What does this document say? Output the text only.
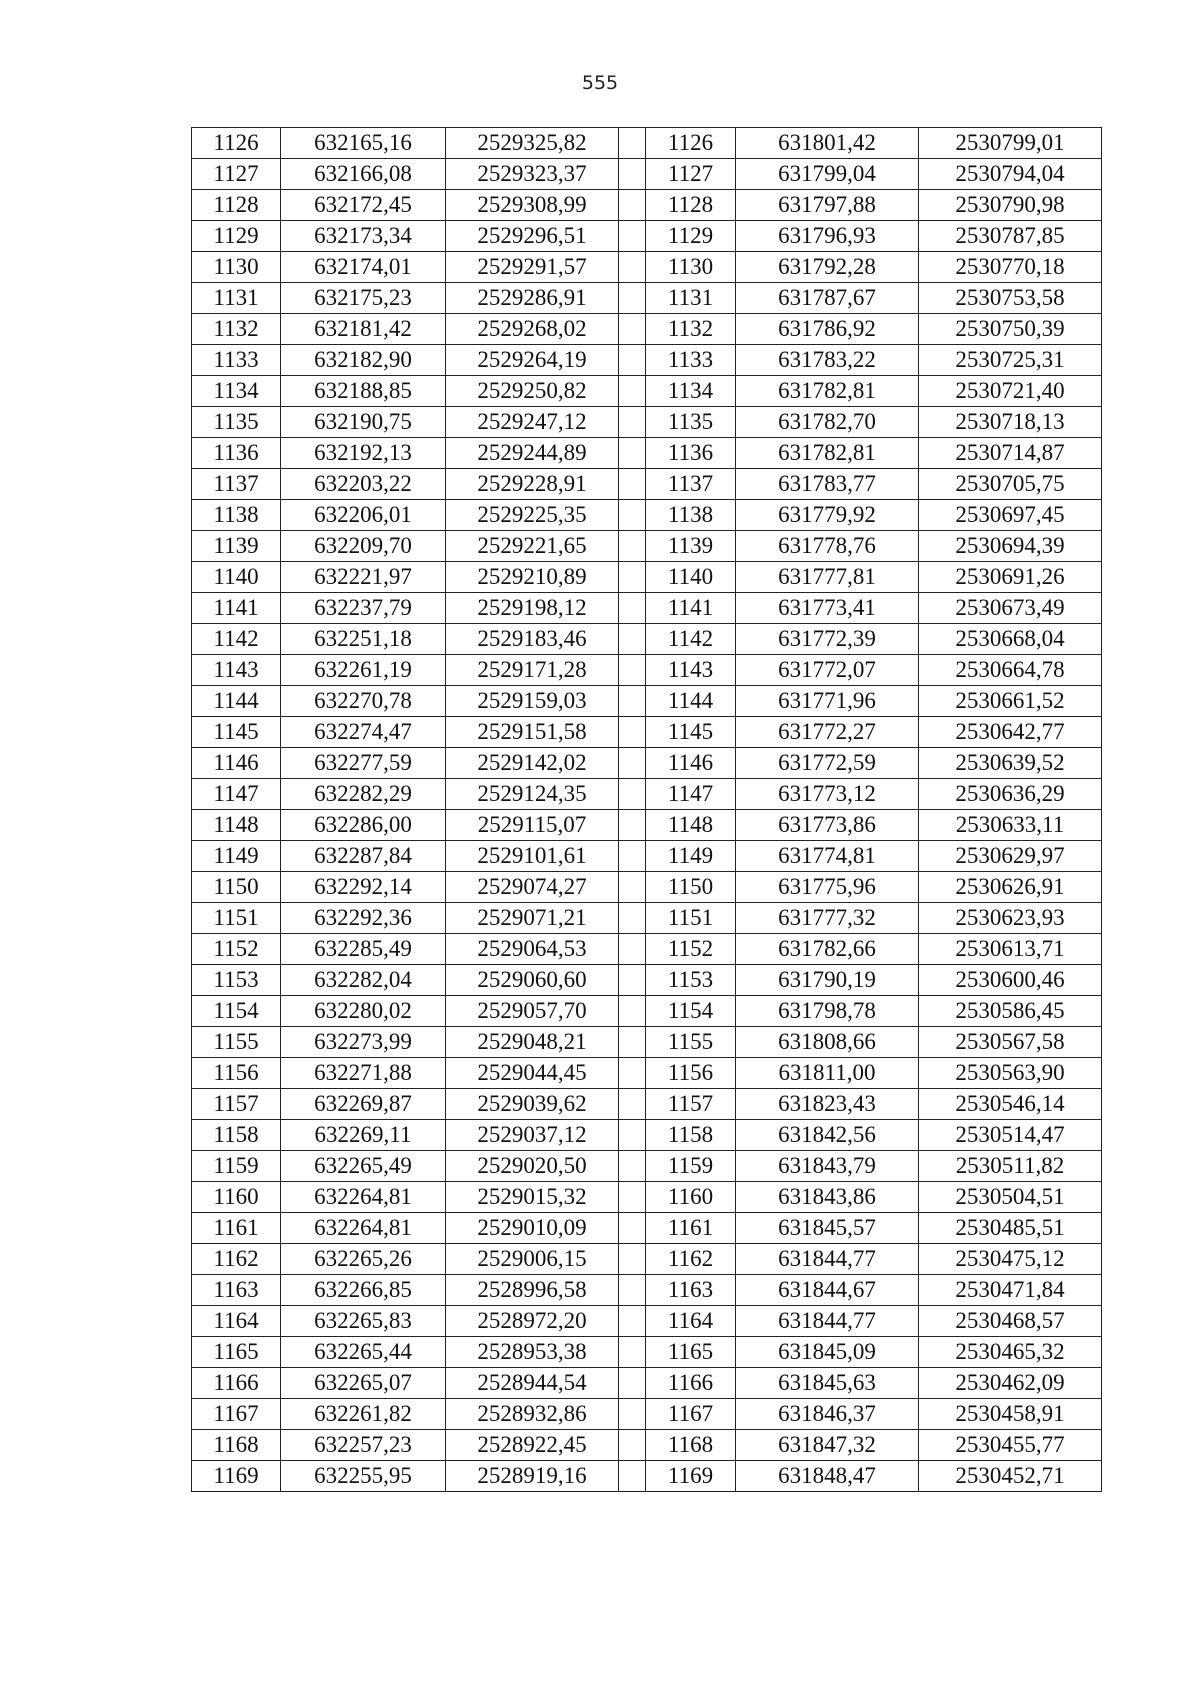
555
1126	632165,16	2529325,82		1126	631801,42	2530799,01
1127	632166,08	2529323,37		1127	631799,04	2530794,04
1128	632172,45	2529308,99		1128	631797,88	2530790,98
1129	632173,34	2529296,51		1129	631796,93	2530787,85
1130	632174,01	2529291,57		1130	631792,28	2530770,18
1131	632175,23	2529286,91		1131	631787,67	2530753,58
1132	632181,42	2529268,02		1132	631786,92	2530750,39
1133	632182,90	2529264,19		1133	631783,22	2530725,31
1134	632188,85	2529250,82		1134	631782,81	2530721,40
1135	632190,75	2529247,12		1135	631782,70	2530718,13
1136	632192,13	2529244,89		1136	631782,81	2530714,87
1137	632203,22	2529228,91		1137	631783,77	2530705,75
1138	632206,01	2529225,35		1138	631779,92	2530697,45
1139	632209,70	2529221,65		1139	631778,76	2530694,39
1140	632221,97	2529210,89		1140	631777,81	2530691,26
1141	632237,79	2529198,12		1141	631773,41	2530673,49
1142	632251,18	2529183,46		1142	631772,39	2530668,04
1143	632261,19	2529171,28		1143	631772,07	2530664,78
1144	632270,78	2529159,03		1144	631771,96	2530661,52
1145	632274,47	2529151,58		1145	631772,27	2530642,77
1146	632277,59	2529142,02		1146	631772,59	2530639,52
1147	632282,29	2529124,35		1147	631773,12	2530636,29
1148	632286,00	2529115,07		1148	631773,86	2530633,11
1149	632287,84	2529101,61		1149	631774,81	2530629,97
1150	632292,14	2529074,27		1150	631775,96	2530626,91
1151	632292,36	2529071,21		1151	631777,32	2530623,93
1152	632285,49	2529064,53		1152	631782,66	2530613,71
1153	632282,04	2529060,60		1153	631790,19	2530600,46
1154	632280,02	2529057,70		1154	631798,78	2530586,45
1155	632273,99	2529048,21		1155	631808,66	2530567,58
1156	632271,88	2529044,45		1156	631811,00	2530563,90
1157	632269,87	2529039,62		1157	631823,43	2530546,14
1158	632269,11	2529037,12		1158	631842,56	2530514,47
1159	632265,49	2529020,50		1159	631843,79	2530511,82
1160	632264,81	2529015,32		1160	631843,86	2530504,51
1161	632264,81	2529010,09		1161	631845,57	2530485,51
1162	632265,26	2529006,15		1162	631844,77	2530475,12
1163	632266,85	2528996,58		1163	631844,67	2530471,84
1164	632265,83	2528972,20		1164	631844,77	2530468,57
1165	632265,44	2528953,38		1165	631845,09	2530465,32
1166	632265,07	2528944,54		1166	631845,63	2530462,09
1167	632261,82	2528932,86		1167	631846,37	2530458,91
1168	632257,23	2528922,45		1168	631847,32	2530455,77
1169	632255,95	2528919,16		1169	631848,47	2530452,71
